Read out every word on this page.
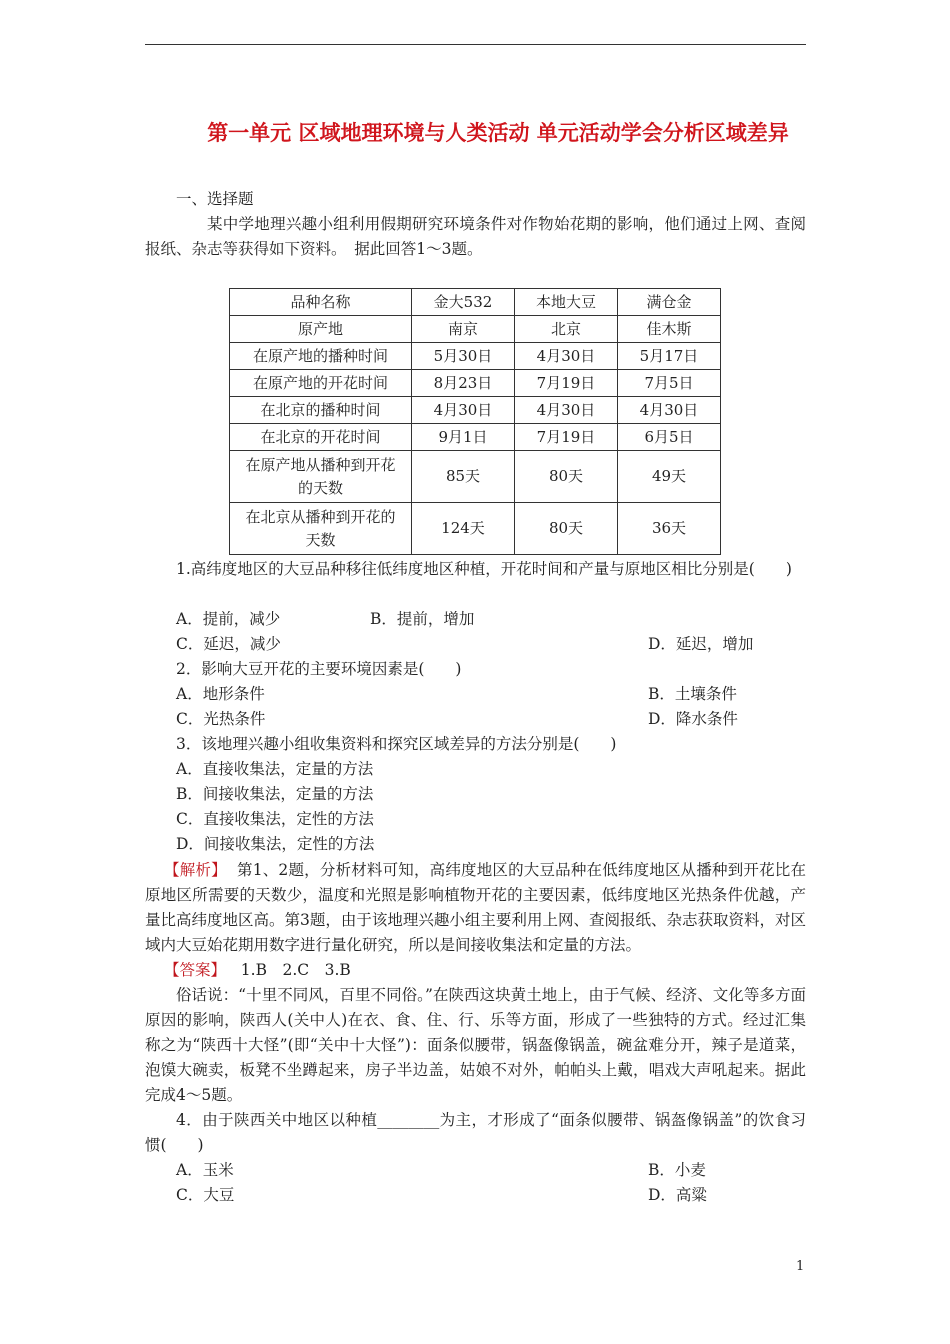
第一单元 区域地理环境与人类活动 单元活动学会分析区域差异
一、选择题
某中学地理兴趣小组利用假期研究环境条件对作物始花期的影响，他们通过上网、查阅报纸、杂志等获得如下资料。　据此回答1～3题。
品种名称	金大532	本地大豆	满仓金
原产地	南京	北京	佳木斯
在原产地的播种时间	5月30日	4月30日	5月17日
在原产地的开花时间	8月23日	7月19日	7月5日
在北京的播种时间	4月30日	4月30日	4月30日
在北京的开花时间	9月1日	7月19日	6月5日
在原产地从播种到开花的天数	85天	80天	49天
在北京从播种到开花的天数	124天	80天	36天
1.高纬度地区的大豆品种移往低纬度地区种植，开花时间和产量与原地区相比分别是(　　)
A．提前，减少	B．提前，增加
C．延迟，减少	D．延迟，增加
2．影响大豆开花的主要环境因素是(　　)
A．地形条件	B．土壤条件
C．光热条件	D．降水条件
3．该地理兴趣小组收集资料和探究区域差异的方法分别是(　　)
A．直接收集法，定量的方法
B．间接收集法，定量的方法
C．直接收集法，定性的方法
D．间接收集法，定性的方法
【解析】 第1、2题，分析材料可知，高纬度地区的大豆品种在低纬度地区从播种到开花比在原地区所需要的天数少，温度和光照是影响植物开花的主要因素，低纬度地区光热条件优越，产量比高纬度地区高。第3题，由于该地理兴趣小组主要利用上网、查阅报纸、杂志获取资料，对区域内大豆始花期用数字进行量化研究，所以是间接收集法和定量的方法。
【答案】 1.B　2.C　3.B
俗话说：“十里不同风，百里不同俗。”在陕西这块黄土地上，由于气候、经济、文化等多方面原因的影响，陕西人(关中人)在衣、食、住、行、乐等方面，形成了一些独特的方式。经过汇集称之为“陕西十大怪”(即“关中十大怪”)：面条似腰带，锅盔像锅盖，碗盆难分开，辣子是道菜，泡馍大碗卖，板凳不坐蹲起来，房子半边盖，姑娘不对外，帕帕头上戴，唱戏大声吼起来。据此完成4～5题。
4．由于陕西关中地区以种植________为主，才形成了“面条似腰带、锅盔像锅盖”的饮食习惯(　　)
A．玉米	B．小麦
C．大豆	D．高粱
1
